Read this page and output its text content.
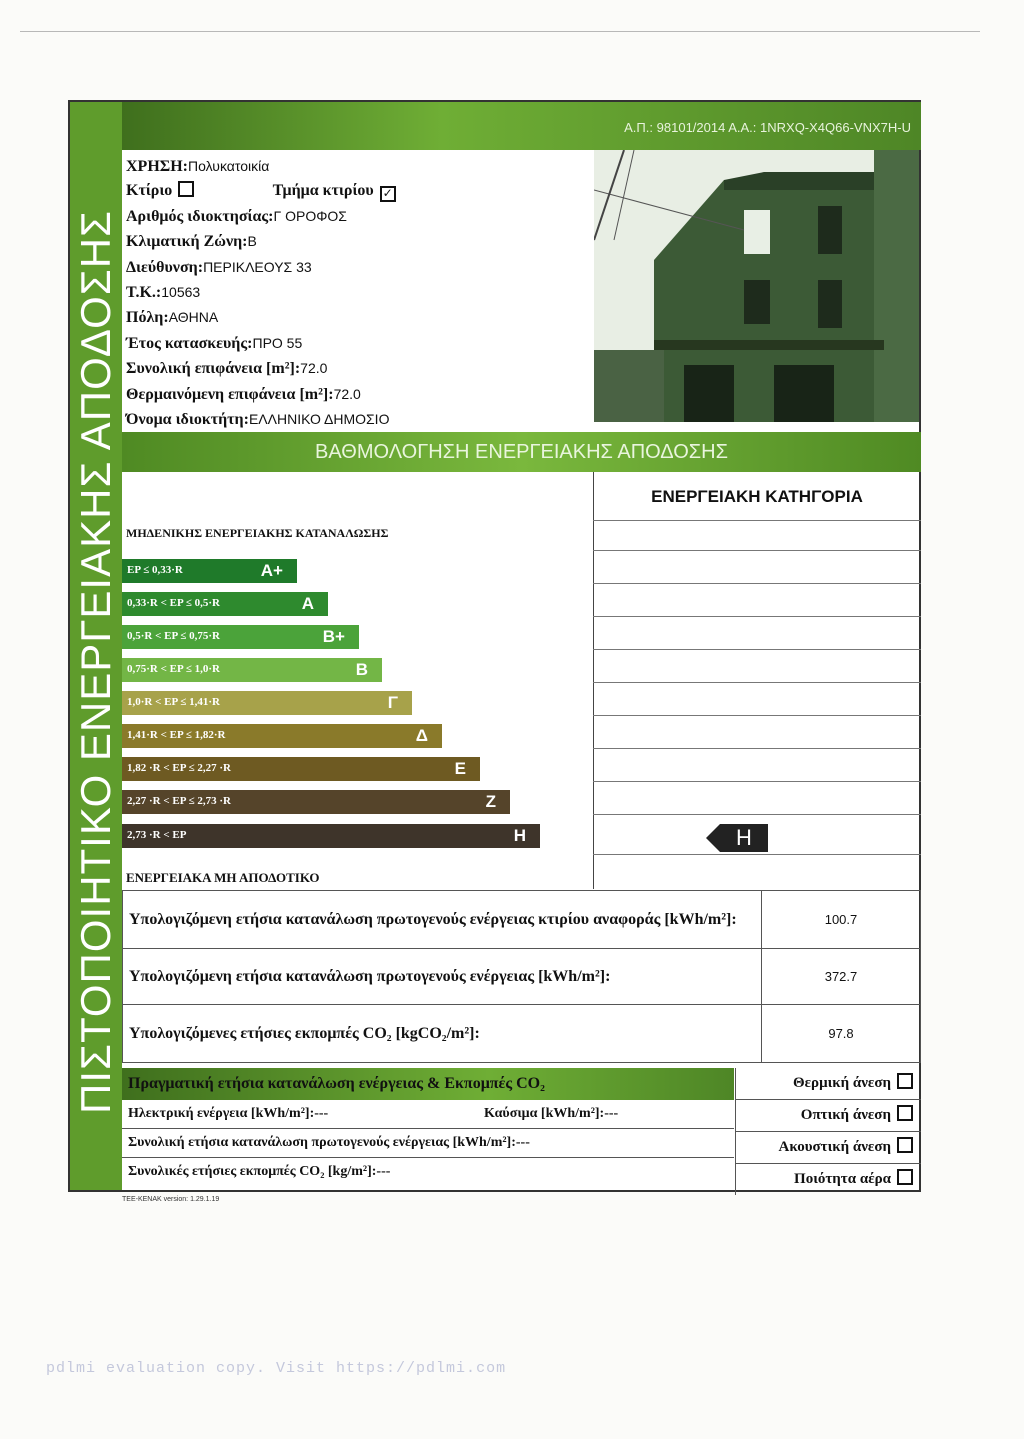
ΠΙΣΤΟΠΟΙΗΤΙΚΟ ΕΝΕΡΓΕΙΑΚΗΣ ΑΠΟΔΟΣΗΣ
Α.Π.: 98101/2014 Α.Α.: 1NRXQ-X4Q66-VNX7H-U
ΧΡΗΣΗ:Πολυκατοικία
Κτίριο	Τμήμα κτιρίου ✓
Αριθμός ιδιοκτησίας:Γ ΟΡΟΦΟΣ
Κλιματική Ζώνη:Β
Διεύθυνση:ΠΕΡΙΚΛΕΟΥΣ 33
Τ.Κ.:10563
Πόλη:ΑΘΗΝΑ
Έτος κατασκευής:ΠΡΟ 55
Συνολική επιφάνεια [m²]:72.0
Θερμαινόμενη επιφάνεια [m²]:72.0
Όνομα ιδιοκτήτη:ΕΛΛΗΝΙΚΟ ΔΗΜΟΣΙΟ
ΒΑΘΜΟΛΟΓΗΣΗ ΕΝΕΡΓΕΙΑΚΗΣ ΑΠΟΔΟΣΗΣ
ΕΝΕΡΓΕΙΑΚΗ ΚΑΤΗΓΟΡΙΑ
ΜΗΔΕΝΙΚΗΣ ΕΝΕΡΓΕΙΑΚΗΣ ΚΑΤΑΝΑΛΩΣΗΣ
EP ≤ 0,33·R	A+
0,33·R < EP ≤ 0,5·R	A
0,5·R < EP ≤ 0,75·R	B+
0,75·R < EP ≤ 1,0·R	B
1,0·R < EP ≤ 1,41·R	Γ
1,41·R < EP ≤ 1,82·R	Δ
1,82 ·R < EP ≤ 2,27 ·R	Ε
2,27 ·R < EP ≤ 2,73 ·R	Ζ
2,73 ·R < EP	Η	H
ΕΝΕΡΓΕΙΑΚΑ ΜΗ ΑΠΟΔΟΤΙΚΟ
Υπολογιζόμενη ετήσια κατανάλωση πρωτογενούς ενέργειας κτιρίου αναφοράς [kWh/m²]:	100.7
Υπολογιζόμενη ετήσια κατανάλωση πρωτογενούς ενέργειας [kWh/m²]:	372.7
Υπολογιζόμενες ετήσιες εκπομπές CO₂ [kgCO₂/m²]:	97.8
Πραγματική ετήσια κατανάλωση ενέργειας & Εκπομπές CO₂
Ηλεκτρική ενέργεια [kWh/m²]:---	Καύσιμα [kWh/m²]:---
Συνολική ετήσια κατανάλωση πρωτογενούς ενέργειας [kWh/m²]:---
Συνολικές ετήσιες εκπομπές CO₂ [kg/m²]:---
Θερμική άνεση
Οπτική άνεση
Ακουστική άνεση
Ποιότητα αέρα
TEE-KENAK version: 1.29.1.19
pdlmi evaluation copy. Visit https://pdlmi.com
